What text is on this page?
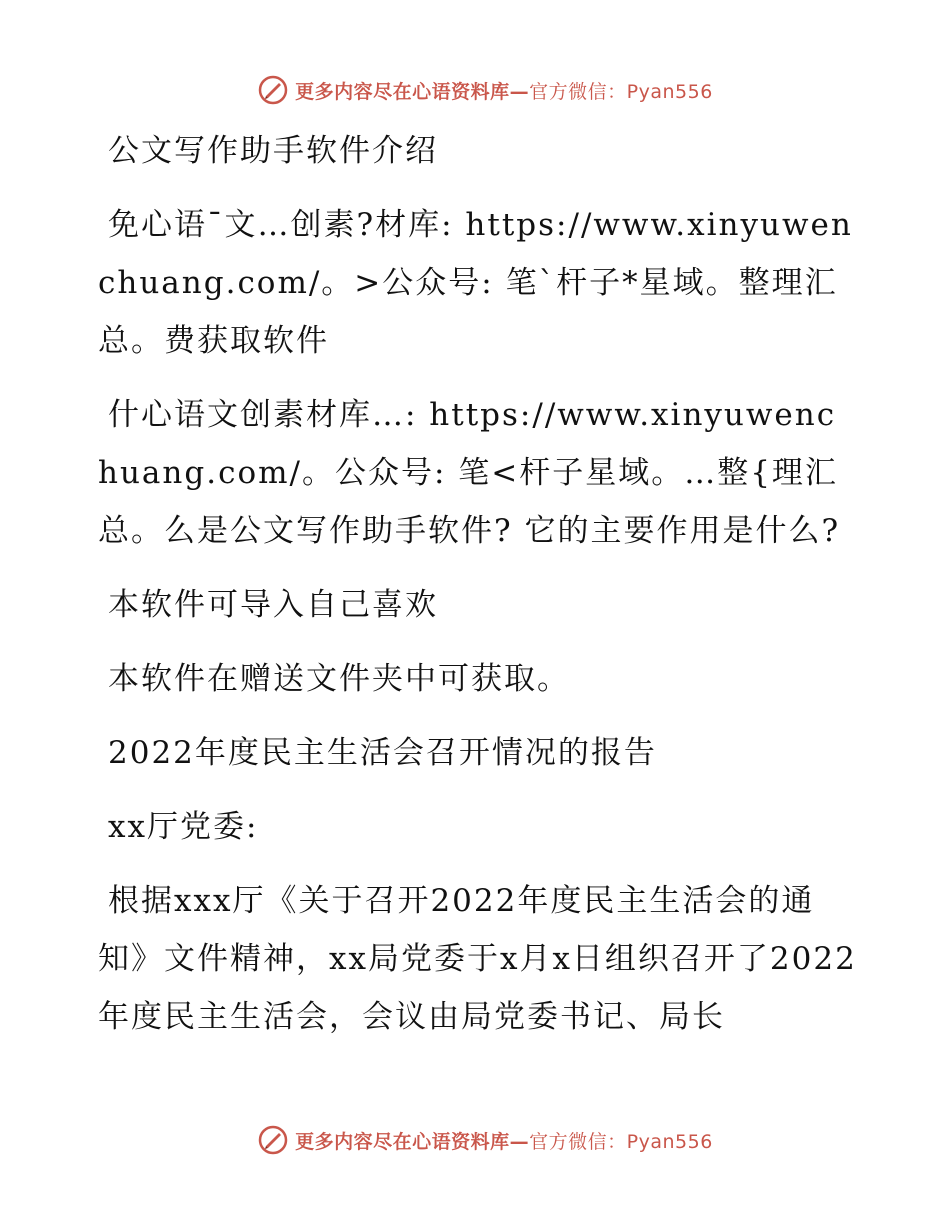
更多内容尽在心语资料库—官方微信：Pyan556

公文写作助手软件介绍

免心语¯文…创素?材库: https://www.xinyuwenchuang.com/。>公众号: 笔`杆子*星域。整理汇总。费获取软件

什心语文创素材库…: https://www.xinyuwenchuang.com/。公众号: 笔<杆子星域。…整{理汇总。么是公文写作助手软件? 它的主要作用是什么?

本软件可导入自己喜欢

本软件在赠送文件夹中可获取。

2022年度民主生活会召开情况的报告

xx厅党委:

根据xxx厅《关于召开2022年度民主生活会的通知》文件精神，xx局党委于x月x日组织召开了2022年度民主生活会，会议由局党委书记、局长

更多内容尽在心语资料库—官方微信：Pyan556
